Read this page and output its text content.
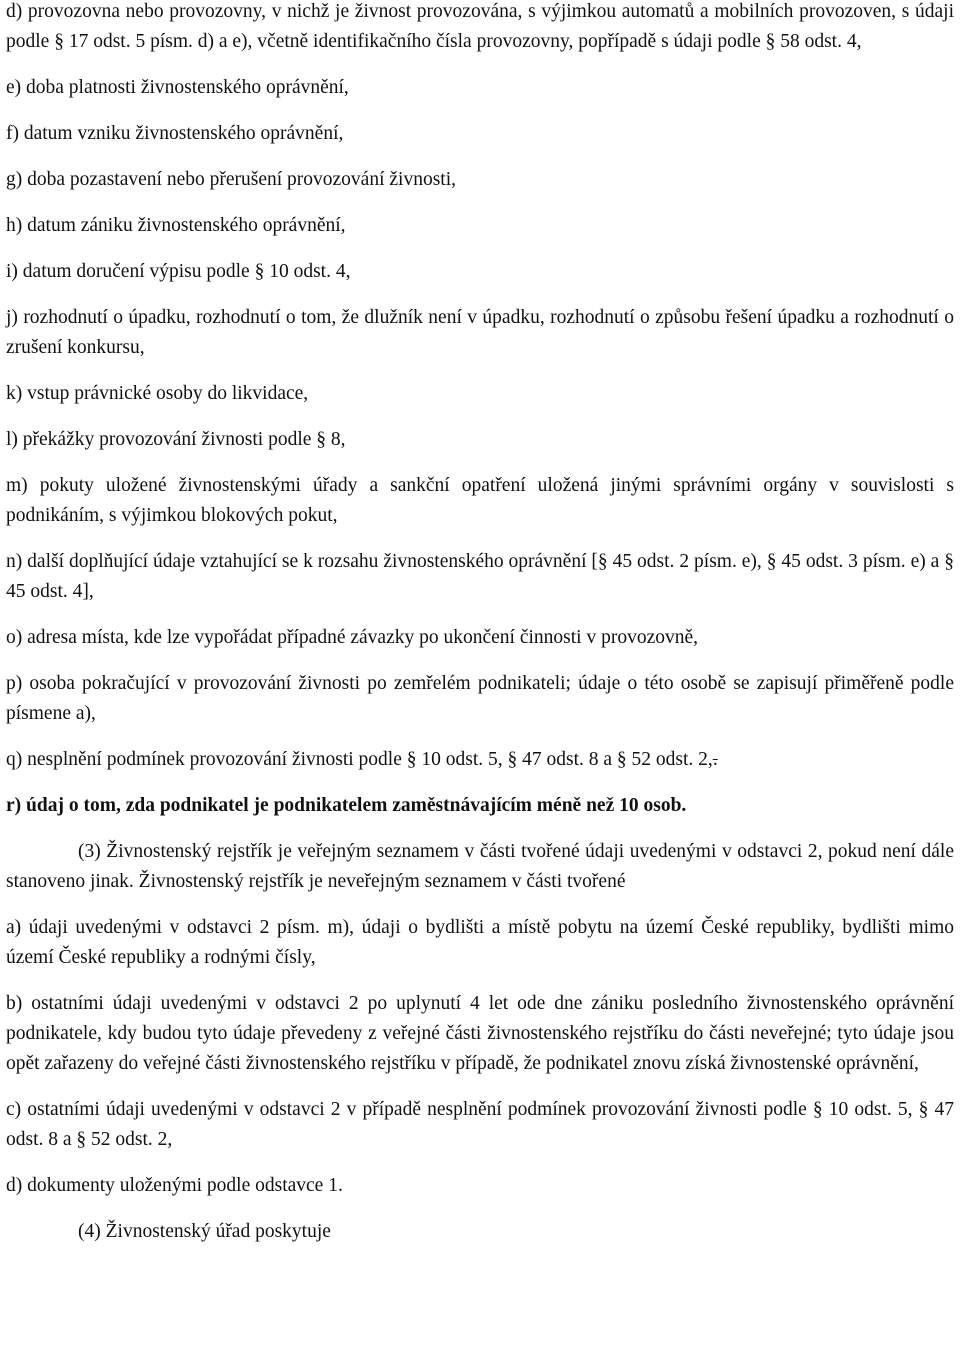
d) provozovna nebo provozovny, v nichž je živnost provozována, s výjimkou automatů a mobilních provozoven, s údaji podle § 17 odst. 5 písm. d) a e), včetně identifikačního čísla provozovny, popřípadě s údaji podle § 58 odst. 4,

e) doba platnosti živnostenského oprávnění,

f) datum vzniku živnostenského oprávnění,

g) doba pozastavení nebo přerušení provozování živnosti,

h) datum zániku živnostenského oprávnění,

i) datum doručení výpisu podle § 10 odst. 4,

j) rozhodnutí o úpadku, rozhodnutí o tom, že dlužník není v úpadku, rozhodnutí o způsobu řešení úpadku a rozhodnutí o zrušení konkursu,

k) vstup právnické osoby do likvidace,

l) překážky provozování živnosti podle § 8,

m) pokuty uložené živnostenskými úřady a sankční opatření uložená jinými správními orgány v souvislosti s podnikáním, s výjimkou blokových pokut,

n) další doplňující údaje vztahující se k rozsahu živnostenského oprávnění [§ 45 odst. 2 písm. e), § 45 odst. 3 písm. e) a § 45 odst. 4],

o) adresa místa, kde lze vypořádat případné závazky po ukončení činnosti v provozovně,

p) osoba pokračující v provozování živnosti po zemřelém podnikateli; údaje o této osobě se zapisují přiměřeně podle písmene a),

q) nesplnění podmínek provozování živnosti podle § 10 odst. 5, § 47 odst. 8 a § 52 odst. 2,.

r) údaj o tom, zda podnikatel je podnikatelem zaměstnávajícím méně než 10 osob.

(3) Živnostenský rejstřík je veřejným seznamem v části tvořené údaji uvedenými v odstavci 2, pokud není dále stanoveno jinak. Živnostenský rejstřík je neveřejným seznamem v části tvořené

a) údaji uvedenými v odstavci 2 písm. m), údaji o bydlišti a místě pobytu na území České republiky, bydlišti mimo území České republiky a rodnými čísly,

b) ostatními údaji uvedenými v odstavci 2 po uplynutí 4 let ode dne zániku posledního živnostenského oprávnění podnikatele, kdy budou tyto údaje převedeny z veřejné části živnostenského rejstříku do části neveřejné; tyto údaje jsou opět zařazeny do veřejné části živnostenského rejstříku v případě, že podnikatel znovu získá živnostenské oprávnění,

c) ostatními údaji uvedenými v odstavci 2 v případě nesplnění podmínek provozování živnosti podle § 10 odst. 5, § 47 odst. 8 a § 52 odst. 2,

d) dokumenty uloženými podle odstavce 1.

(4) Živnostenský úřad poskytuje
